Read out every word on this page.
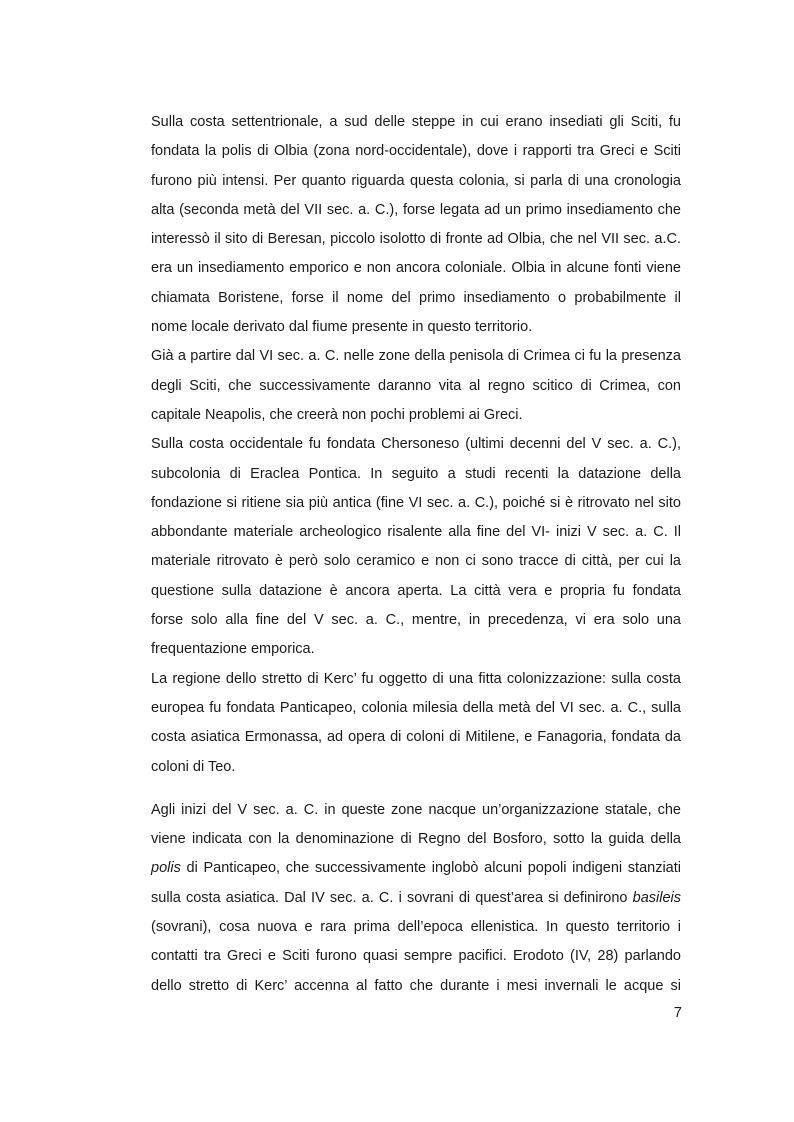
Sulla costa settentrionale, a sud delle steppe in cui erano insediati gli Sciti, fu
fondata la polis di Olbia (zona nord-occidentale), dove i rapporti tra Greci e Sciti
furono più intensi. Per quanto riguarda questa colonia, si parla di una cronologia
alta (seconda metà del VII sec. a. C.), forse legata ad un primo insediamento che
interessò il sito di Beresan, piccolo isolotto di fronte ad Olbia, che nel VII sec. a.C.
era un insediamento emporico e non ancora coloniale. Olbia in alcune fonti viene
chiamata Boristene, forse il nome del primo insediamento o probabilmente il
nome locale derivato dal fiume presente in questo territorio.
Già a partire dal VI sec. a. C. nelle zone della penisola di Crimea ci fu la presenza
degli Sciti, che successivamente daranno vita al regno scitico di Crimea, con
capitale Neapolis, che creerà non pochi problemi ai Greci.
Sulla costa occidentale fu fondata Chersoneso (ultimi decenni del V sec. a. C.),
subcolonia di Eraclea Pontica. In seguito a studi recenti la datazione della
fondazione si ritiene sia più antica (fine VI sec. a. C.), poiché si è ritrovato nel sito
abbondante materiale archeologico risalente alla fine del VI- inizi V sec. a. C. Il
materiale ritrovato è però solo ceramico e non ci sono tracce di città, per cui la
questione sulla datazione è ancora aperta. La città vera e propria fu fondata
forse solo alla fine del V sec. a. C., mentre, in precedenza, vi era solo una
frequentazione emporica.
La regione dello stretto di Kerc’ fu oggetto di una fitta colonizzazione: sulla costa
europea fu fondata Panticapeo, colonia milesia della metà del VI sec. a. C., sulla
costa asiatica Ermonassa, ad opera di coloni di Mitilene, e Fanagoria, fondata da
coloni di Teo.
Agli inizi del V sec. a. C. in queste zone nacque un’organizzazione statale, che
viene indicata con la denominazione di Regno del Bosforo, sotto la guida della
polis di Panticapeo, che successivamente inglobò alcuni popoli indigeni stanziati
sulla costa asiatica. Dal IV sec. a. C. i sovrani di quest’area si definirono basileis
(sovrani), cosa nuova e rara prima dell’epoca ellenistica. In questo territorio i
contatti tra Greci e Sciti furono quasi sempre pacifici. Erodoto (IV, 28) parlando
dello stretto di Kerc’ accenna al fatto che durante i mesi invernali le acque si
7
